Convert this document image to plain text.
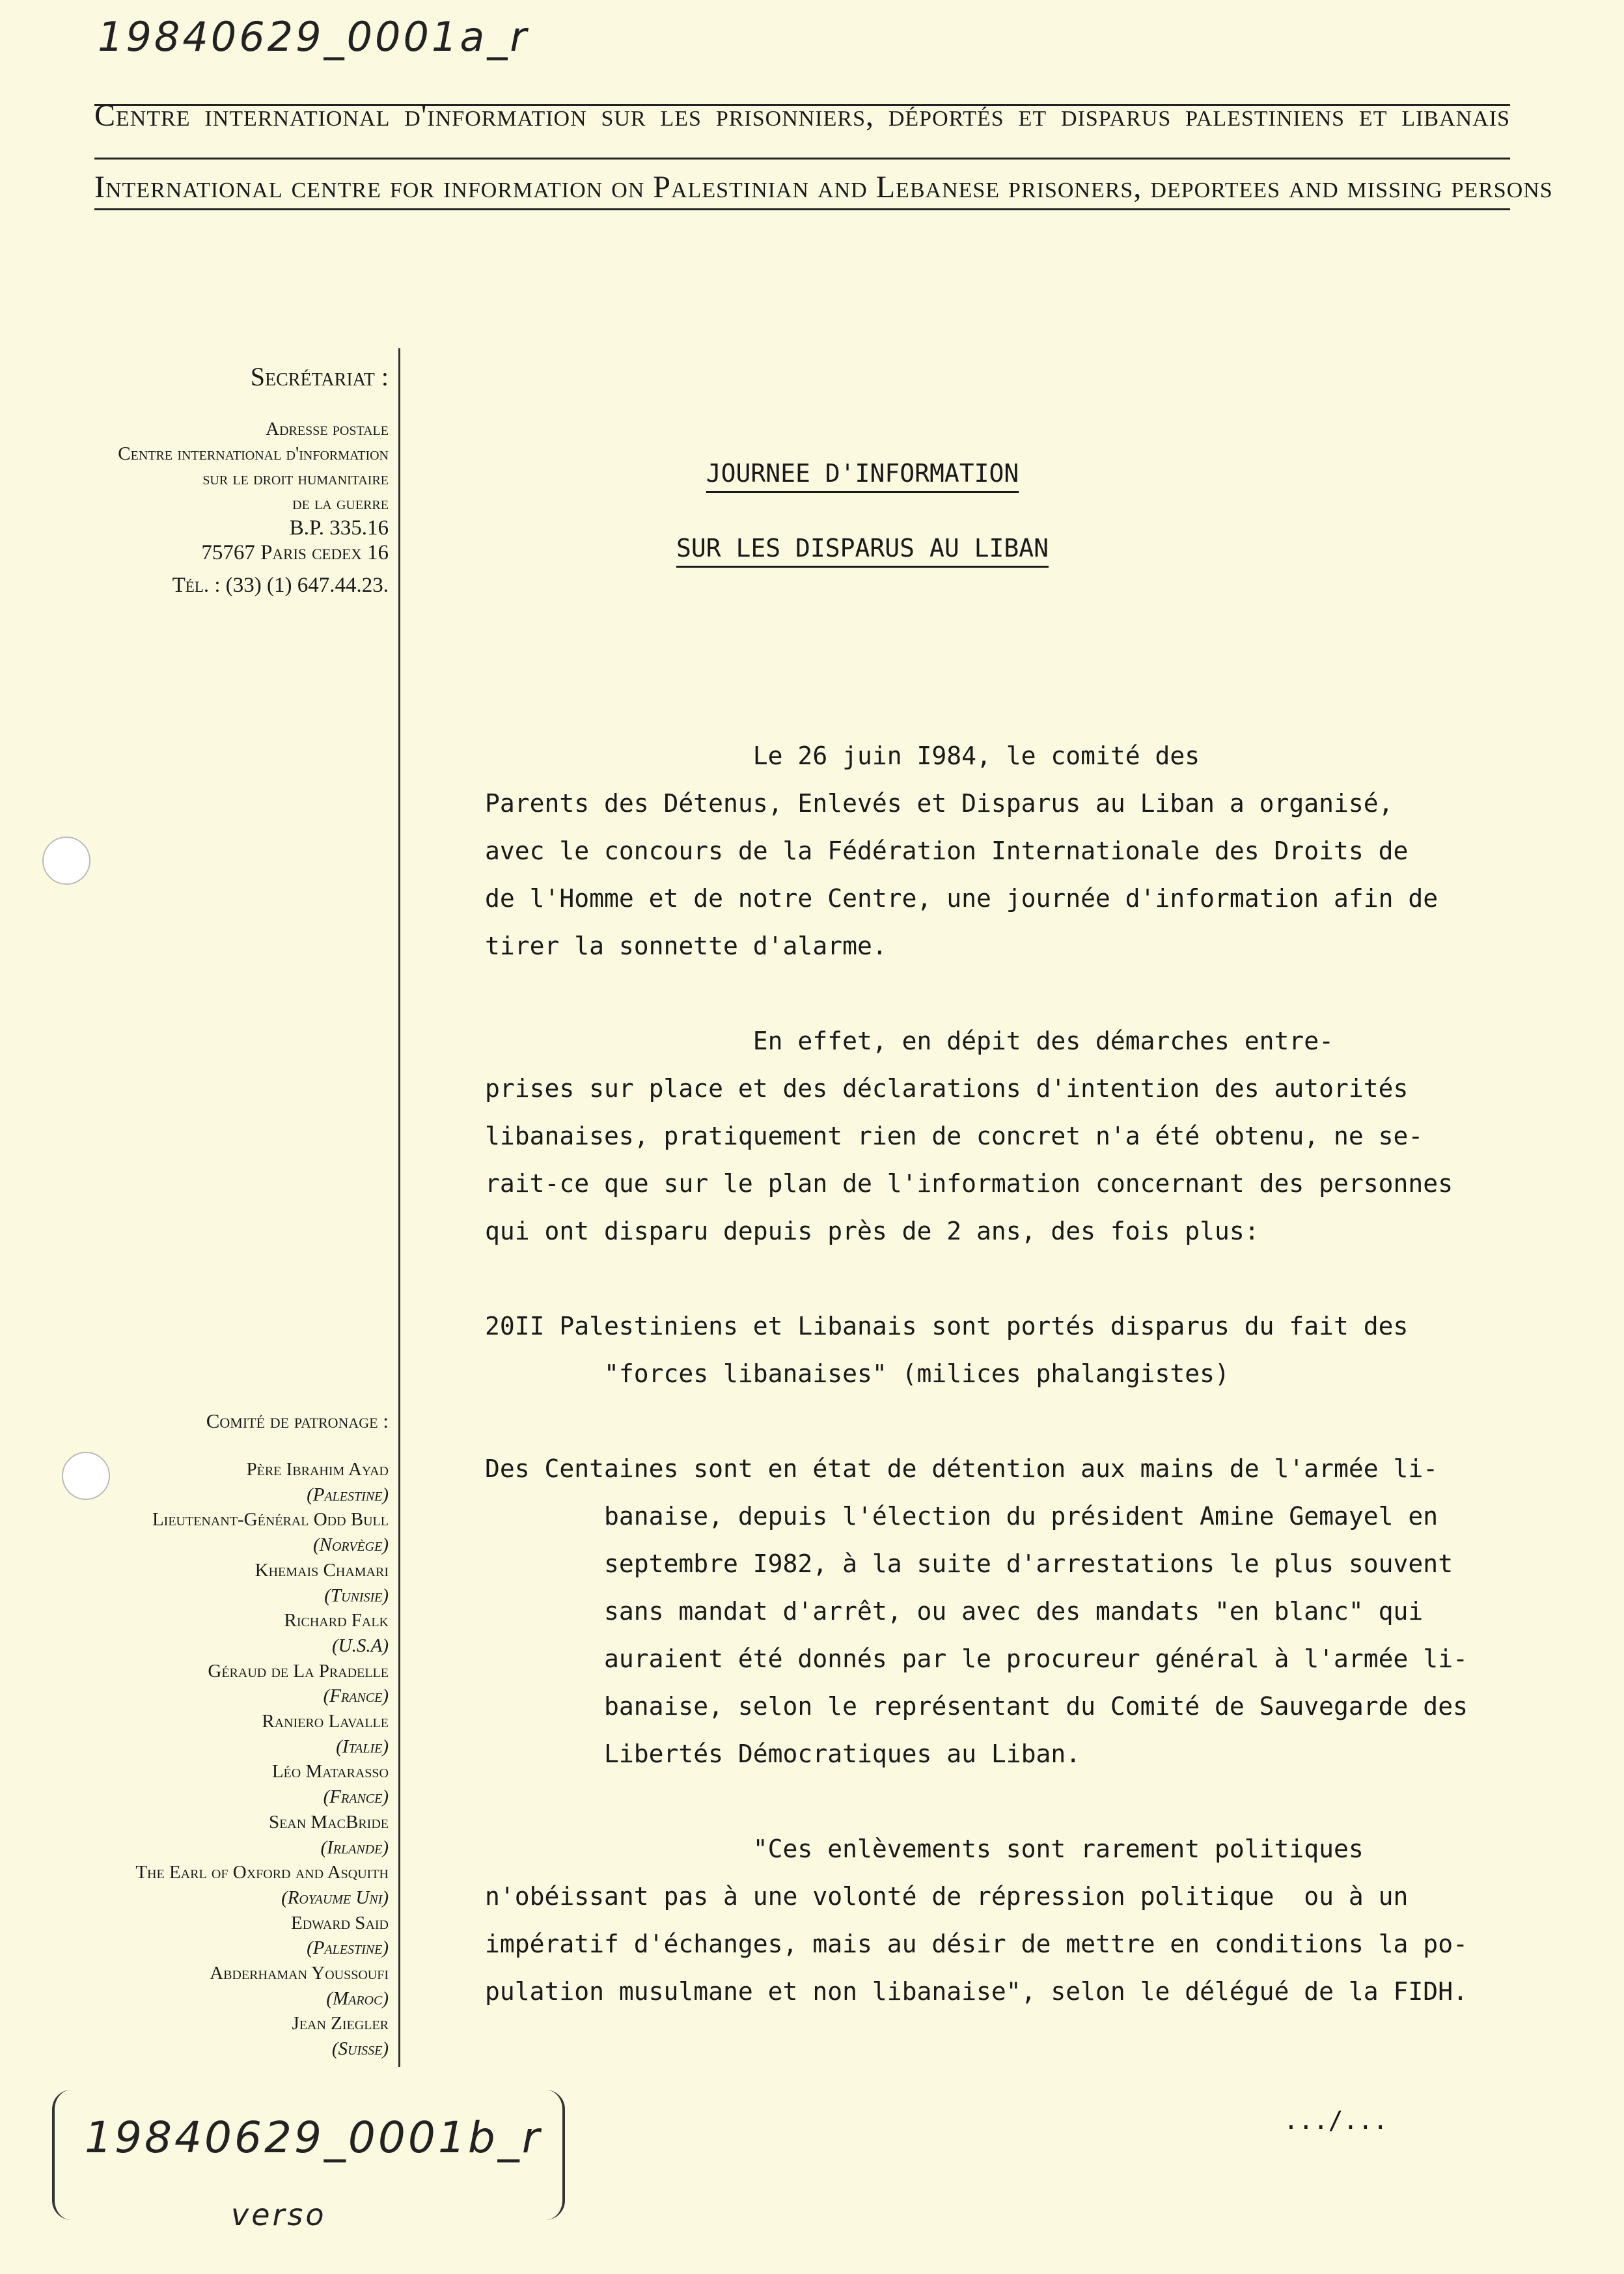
19840629_0001a_r
Centre international d'information sur les prisonniers, déportés et disparus palestiniens et libanais
International centre for information on Palestinian and Lebanese prisoners, deportees and missing persons
Secrétariat :
Adresse postale
Centre international d'information
sur le droit humanitaire
de la guerre
B.P. 335.16
75767 Paris cedex 16
Tél. : (33) (1) 647.44.23.
Comité de patronage :
Père Ibrahim Ayad
(Palestine)
Lieutenant-Général Odd Bull
(Norvège)
Khemais Chamari
(Tunisie)
Richard Falk
(U.S.A)
Géraud de La Pradelle
(France)
Raniero Lavalle
(Italie)
Léo Matarasso
(France)
Sean MacBride
(Irlande)
The Earl of Oxford and Asquith
(Royaume Uni)
Edward Said
(Palestine)
Abderhaman Youssoufi
(Maroc)
Jean Ziegler
(Suisse)
JOURNEE D'INFORMATION
SUR LES DISPARUS AU LIBAN
Le 26 juin I984, le comité des
Parents des Détenus, Enlevés et Disparus au Liban a organisé,
avec le concours de la Fédération Internationale des Droits de
de l'Homme et de notre Centre, une journée d'information afin de
tirer la sonnette d'alarme.
En effet, en dépit des démarches entre-
prises sur place et des déclarations d'intention des autorités
libanaises, pratiquement rien de concret n'a été obtenu, ne se-
rait-ce que sur le plan de l'information concernant des personnes
qui ont disparu depuis près de 2 ans, des fois plus:
20II Palestiniens et Libanais sont portés disparus du fait des
"forces libanaises" (milices phalangistes)
Des Centaines sont en état de détention aux mains de l'armée li-
banaise, depuis l'élection du président Amine Gemayel en
septembre I982, à la suite d'arrestations le plus souvent
sans mandat d'arrêt, ou avec des mandats "en blanc" qui
auraient été donnés par le procureur général à l'armée li-
banaise, selon le représentant du Comité de Sauvegarde des
Libertés Démocratiques au Liban.
"Ces enlèvements sont rarement politiques
n'obéissant pas à une volonté de répression politique  ou à un
impératif d'échanges, mais au désir de mettre en conditions la po-
pulation musulmane et non libanaise", selon le délégué de la FIDH.
.../...
19840629_0001b_r
verso
